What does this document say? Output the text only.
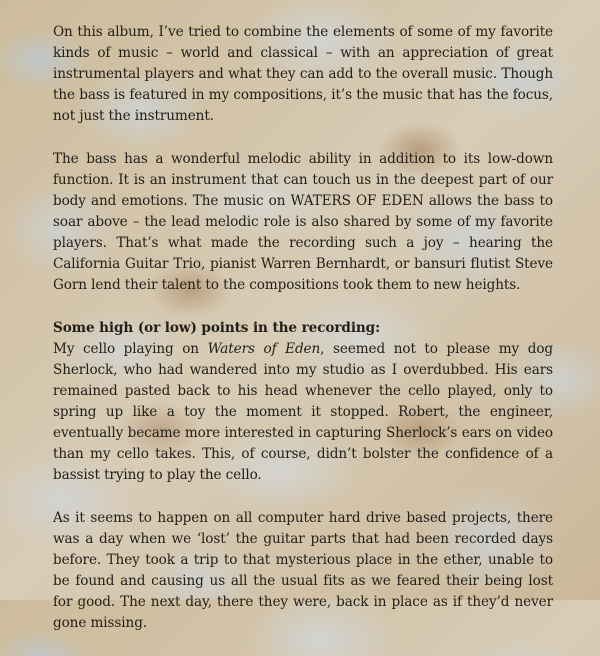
On this album, I’ve tried to combine the elements of some of my favorite kinds of music – world and classical – with an appreciation of great instrumental players and what they can add to the overall music. Though the bass is featured in my compositions, it’s the music that has the focus, not just the instrument.

The bass has a wonderful melodic ability in addition to its low-down function. It is an instrument that can touch us in the deepest part of our body and emotions. The music on WATERS OF EDEN allows the bass to soar above – the lead melodic role is also shared by some of my favorite players. That’s what made the recording such a joy – hearing the California Guitar Trio, pianist Warren Bernhardt, or bansuri flutist Steve Gorn lend their talent to the compositions took them to new heights.

Some high (or low) points in the recording:
My cello playing on Waters of Eden, seemed not to please my dog Sherlock, who had wandered into my studio as I overdubbed. His ears remained pasted back to his head whenever the cello played, only to spring up like a toy the moment it stopped. Robert, the engineer, eventually became more interested in capturing Sherlock’s ears on video than my cello takes. This, of course, didn’t bolster the confidence of a bassist trying to play the cello.

As it seems to happen on all computer hard drive based projects, there was a day when we ‘lost’ the guitar parts that had been recorded days before. They took a trip to that mysterious place in the ether, unable to be found and causing us all the usual fits as we feared their being lost for good. The next day, there they were, back in place as if they’d never gone missing.
